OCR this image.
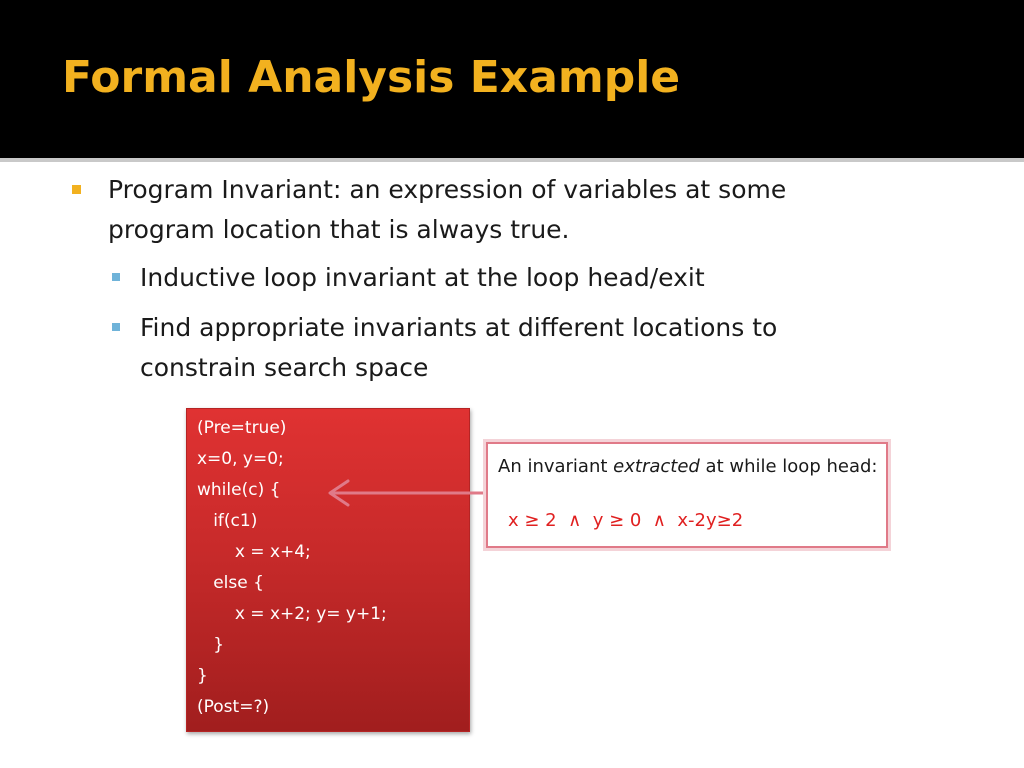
Formal Analysis Example
Program Invariant: an expression of variables at some program location that is always true.
Inductive loop invariant at the loop head/exit
Find appropriate invariants at different locations to constrain search space
(Pre=true)
x=0, y=0;
while(c) {
if(c1)
x = x+4;
else {
x = x+2; y= y+1;
}
}
(Post=?)
An invariant extracted at while loop head:
x ≥ 2  ∧  y ≥ 0  ∧  x-2y≥2
